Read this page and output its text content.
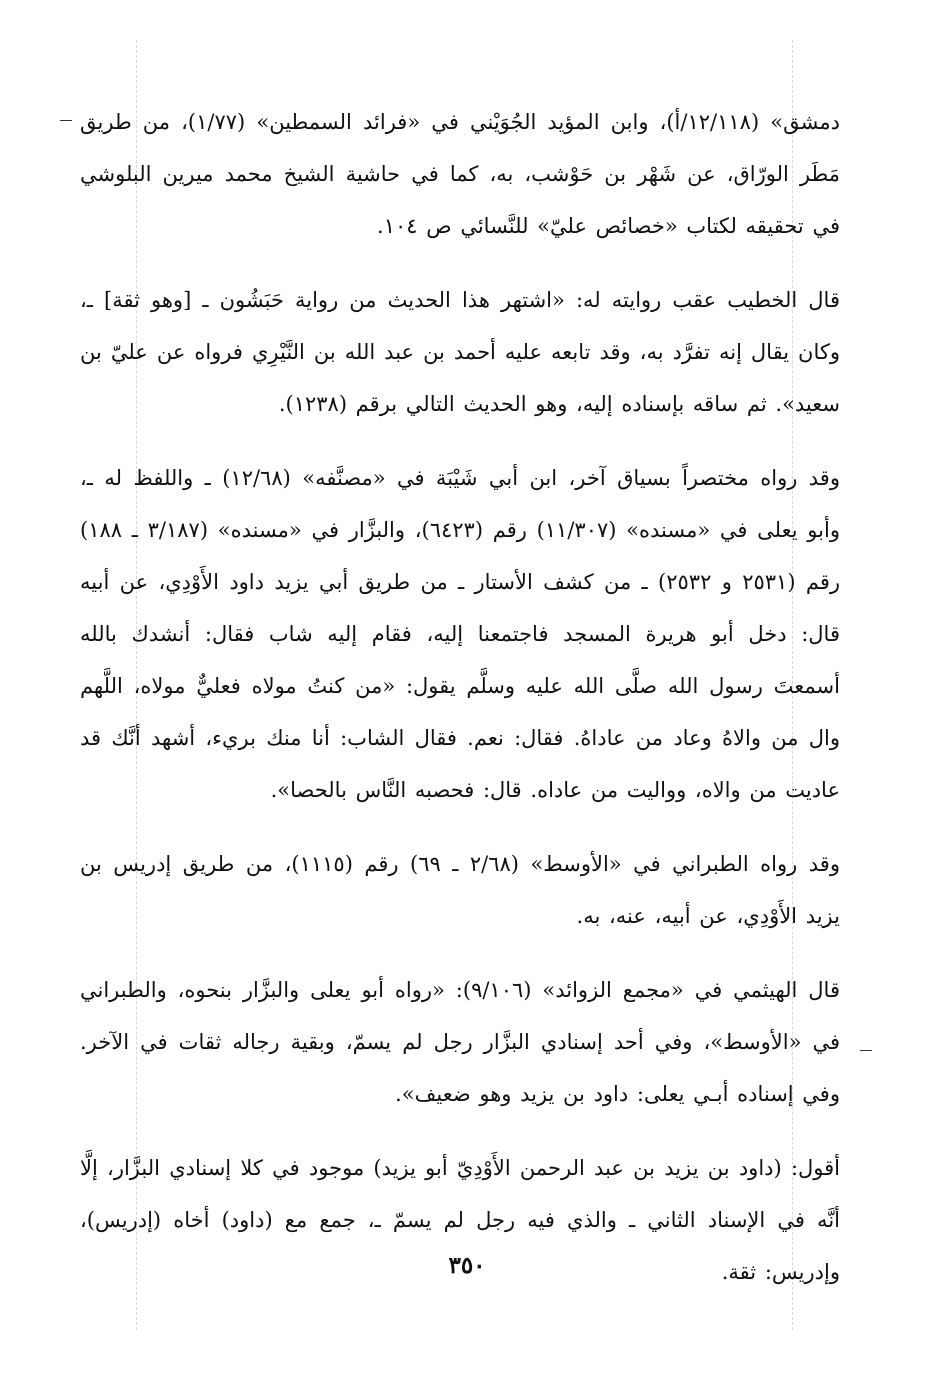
دمشق» (١٢/١١٨/أ)، وابن المؤيد الجُوَيْني في «فرائد السمطين» (١/٧٧)، من طريق مَطَر الورّاق، عن شَهْر بن حَوْشب، به، كما في حاشية الشيخ محمد ميرين البلوشي في تحقيقه لكتاب «خصائص عليّ» للنَّسائي ص ١٠٤.

قال الخطيب عقب روايته له: «اشتهر هذا الحديث من رواية حَبَشُون ـ [وهو ثقة] ـ، وكان يقال إنه تفرَّد به، وقد تابعه عليه أحمد بن عبد الله بن النَّيْرِي فرواه عن عليّ بن سعيد». ثم ساقه بإسناده إليه، وهو الحديث التالي برقم (١٢٣٨).

وقد رواه مختصراً بسياق آخر، ابن أبي شَيْبَة في «مصنَّفه» (١٢/٦٨) ـ واللفظ له ـ، وأبو يعلى في «مسنده» (١١/٣٠٧) رقم (٦٤٢٣)، والبزَّار في «مسنده» (٣/١٨٧ ـ ١٨٨) رقم (٢٥٣١ و ٢٥٣٢) ـ من كشف الأستار ـ من طريق أبي يزيد داود الأَوْدِي، عن أبيه قال: دخل أبو هريرة المسجد فاجتمعنا إليه، فقام إليه شاب فقال: أنشدك بالله أسمعتَ رسول الله صلَّى الله عليه وسلَّم يقول: «من كنتُ مولاه فعليٌّ مولاه، اللَّهم وال من والاهُ وعاد من عاداهُ. فقال: نعم. فقال الشاب: أنا منك بريء، أشهد أنَّك قد عاديت من والاه، وواليت من عاداه. قال: فحصبه النَّاس بالحصا».

وقد رواه الطبراني في «الأوسط» (٢/٦٨ ـ ٦٩) رقم (١١١٥)، من طريق إدريس بن يزيد الأَوْدِي، عن أبيه، عنه، به.

قال الهيثمي في «مجمع الزوائد» (٩/١٠٦): «رواه أبو يعلى والبزَّار بنحوه، والطبراني في «الأوسط»، وفي أحد إسنادي البزَّار رجل لم يسمّ، وبقية رجاله ثقات في الآخر. وفي إسناده أبـي يعلى: داود بن يزيد وهو ضعيف».

أقول: (داود بن يزيد بن عبد الرحمن الأَوْدِيّ أبو يزيد) موجود في كلا إسنادي البزَّار، إلَّا أنَّه في الإسناد الثاني ـ والذي فيه رجل لم يسمّ ـ، جمع مع (داود) أخاه (إدريس)، وإدريس: ثقة.

٣٥٠
